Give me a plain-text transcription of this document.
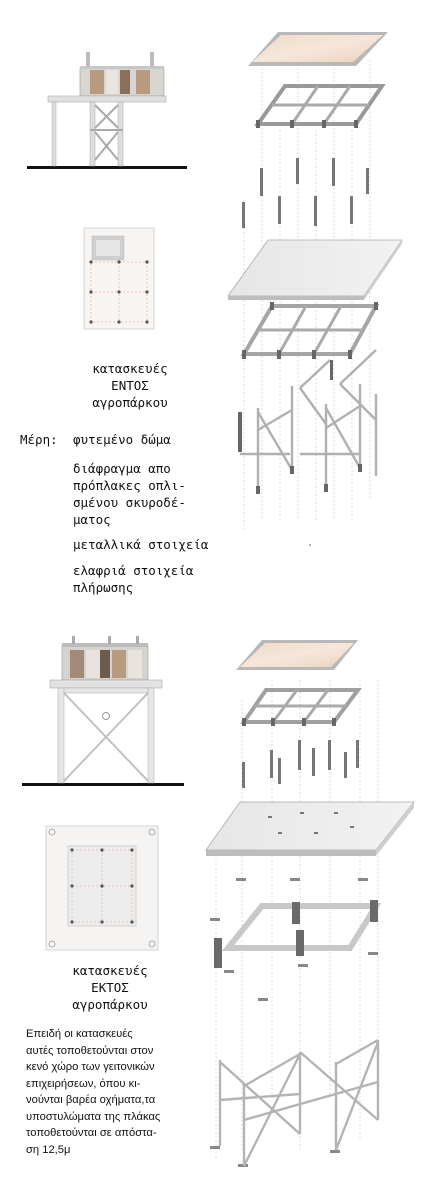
κατασκευές
ΕΝΤΟΣ
αγροπάρκου
Μέρη: φυτεμένο δώμα
διάφραγμα απο
πρόπλακες οπλι-
σμένου σκυροδέ-
ματος
μεταλλικά στοιχεία
ελαφριά στοιχεία
πλήρωσης
κατασκευές
ΕΚΤΟΣ
αγροπάρκου
Επειδή οι κατασκευές
αυτές τοποθετούνται στον
κενό χώρο των γειτονικών
επιχειρήσεων, όπου κι-
νούνται βαρέα οχήματα,τα
υποστυλώματα της πλάκας
τοποθετούνται σε απόστα-
ση 12,5μ
